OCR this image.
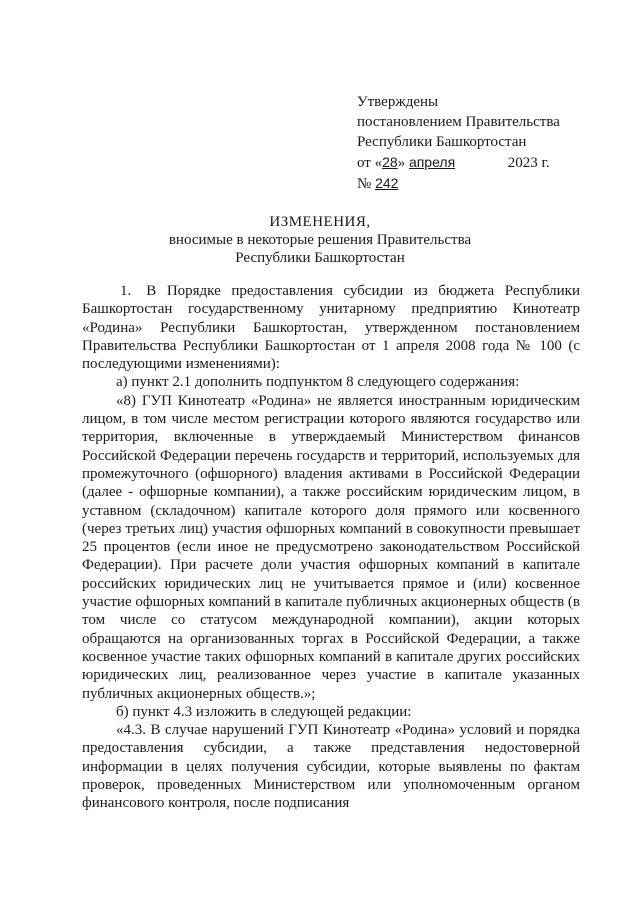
Утверждены
постановлением Правительства
Республики Башкортостан
от «28» апреля	2023 г.
№ 242
ИЗМЕНЕНИЯ,
вносимые в некоторые решения Правительства
Республики Башкортостан

1. В Порядке предоставления субсидии из бюджета Республики Башкортостан государственному унитарному предприятию Кинотеатр «Родина» Республики Башкортостан, утвержденном постановлением Правительства Республики Башкортостан от 1 апреля 2008 года № 100 (с последующими изменениями):

а) пункт 2.1 дополнить подпунктом 8 следующего содержания:

«8) ГУП Кинотеатр «Родина» не является иностранным юридическим лицом, в том числе местом регистрации которого являются государство или территория, включенные в утверждаемый Министерством финансов Российской Федерации перечень государств и территорий, используемых для промежуточного (офшорного) владения активами в Российской Федерации (далее - офшорные компании), а также российским юридическим лицом, в уставном (складочном) капитале которого доля прямого или косвенного (через третьих лиц) участия офшорных компаний в совокупности превышает 25 процентов (если иное не предусмотрено законодательством Российской Федерации). При расчете доли участия офшорных компаний в капитале российских юридических лиц не учитывается прямое и (или) косвенное участие офшорных компаний в капитале публичных акционерных обществ (в том числе со статусом международной компании), акции которых обращаются на организованных торгах в Российской Федерации, а также косвенное участие таких офшорных компаний в капитале других российских юридических лиц, реализованное через участие в капитале указанных публичных акционерных обществ.»;

б) пункт 4.3 изложить в следующей редакции:

«4.3. В случае нарушений ГУП Кинотеатр «Родина» условий и порядка предоставления субсидии, а также представления недостоверной информации в целях получения субсидии, которые выявлены по фактам проверок, проведенных Министерством или уполномоченным органом финансового контроля, после подписания
